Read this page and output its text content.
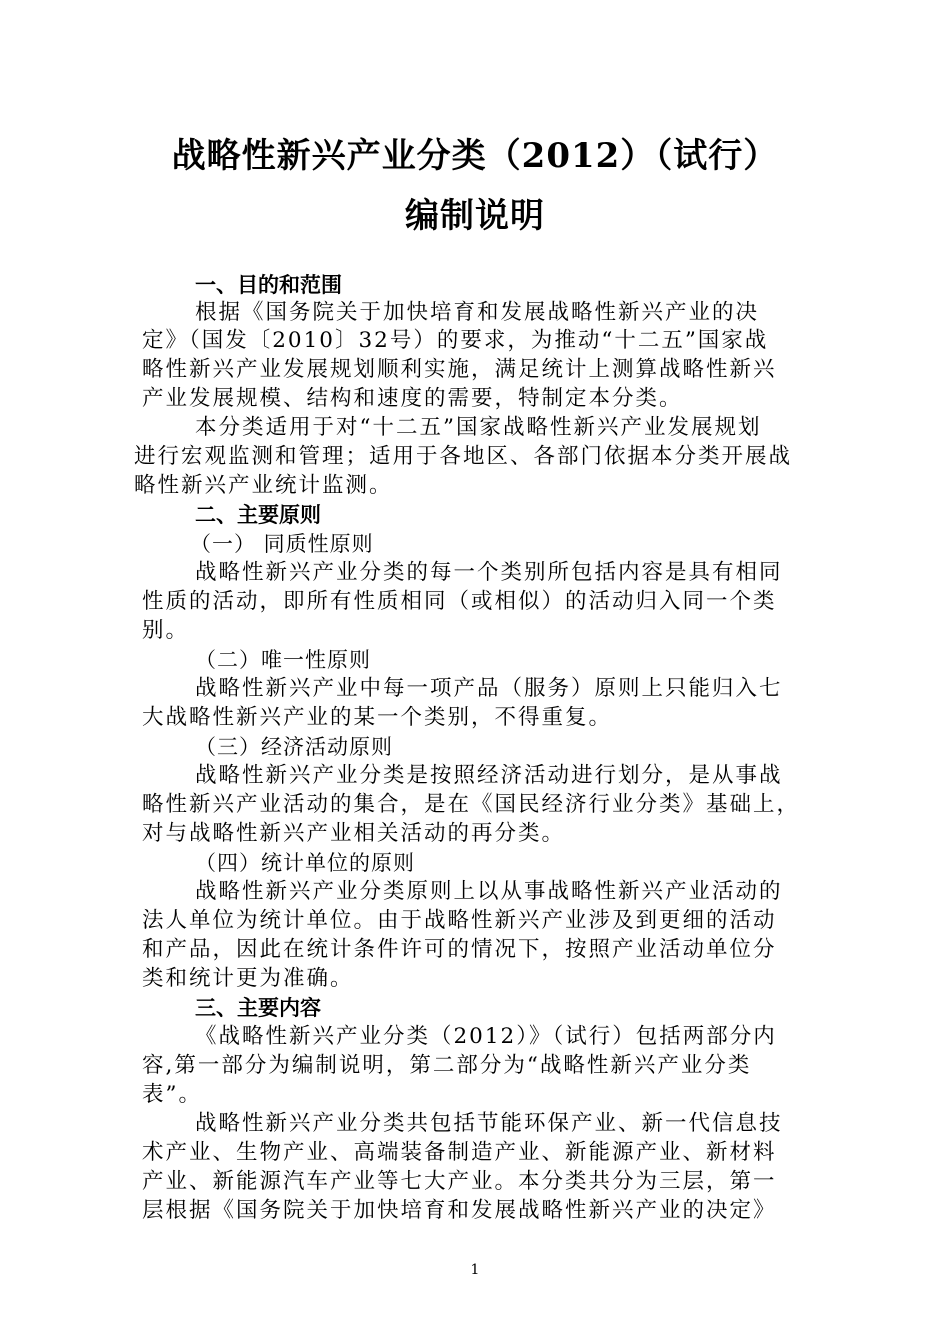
战略性新兴产业分类（2012）（试行）
编制说明
一、目的和范围
根据《国务院关于加快培育和发展战略性新兴产业的决
定》（国发〔2010〕32号）的要求，为推动“十二五”国家战
略性新兴产业发展规划顺利实施，满足统计上测算战略性新兴
产业发展规模、结构和速度的需要，特制定本分类。
本分类适用于对“十二五”国家战略性新兴产业发展规划
进行宏观监测和管理；适用于各地区、各部门依据本分类开展战
略性新兴产业统计监测。
二、主要原则
（一） 同质性原则
战略性新兴产业分类的每一个类别所包括内容是具有相同
性质的活动，即所有性质相同（或相似）的活动归入同一个类
别。
（二）唯一性原则
战略性新兴产业中每一项产品（服务）原则上只能归入七
大战略性新兴产业的某一个类别，不得重复。
（三）经济活动原则
战略性新兴产业分类是按照经济活动进行划分，是从事战
略性新兴产业活动的集合，是在《国民经济行业分类》基础上，
对与战略性新兴产业相关活动的再分类。
（四）统计单位的原则
战略性新兴产业分类原则上以从事战略性新兴产业活动的
法人单位为统计单位。由于战略性新兴产业涉及到更细的活动
和产品，因此在统计条件许可的情况下，按照产业活动单位分
类和统计更为准确。
三、主要内容
《战略性新兴产业分类（2012）》（试行）包括两部分内
容,第一部分为编制说明，第二部分为“战略性新兴产业分类
表”。
战略性新兴产业分类共包括节能环保产业、新一代信息技
术产业、生物产业、高端装备制造产业、新能源产业、新材料
产业、新能源汽车产业等七大产业。本分类共分为三层，第一
层根据《国务院关于加快培育和发展战略性新兴产业的决定》
1
